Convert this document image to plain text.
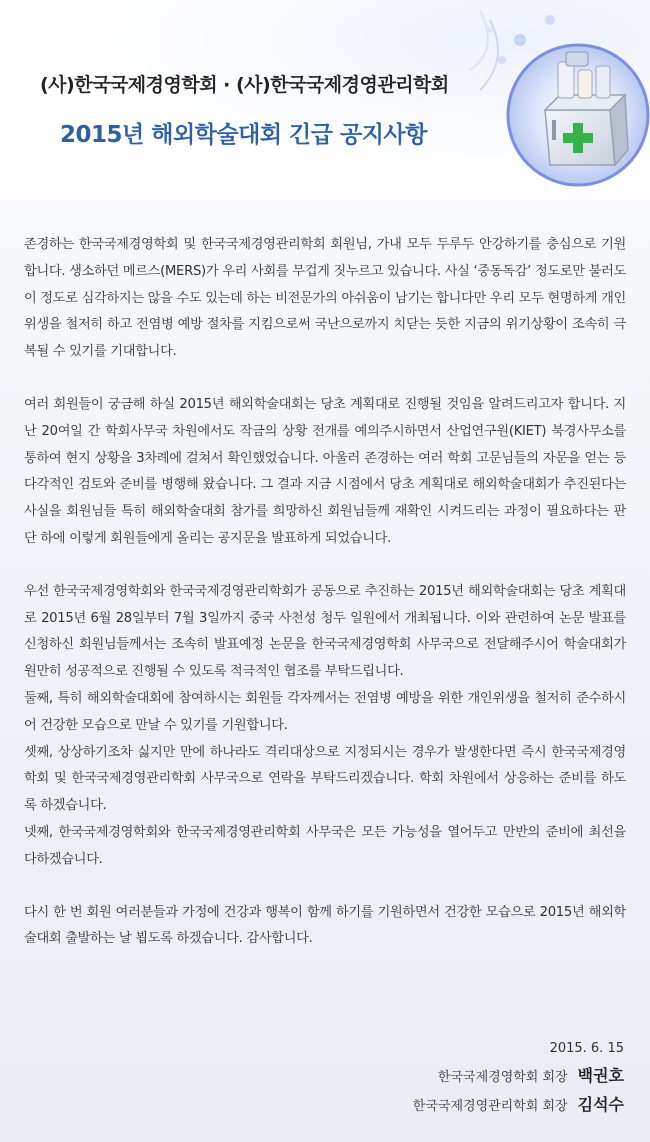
(사)한국국제경영학회 · (사)한국국제경영관리학회
2015년 해외학술대회 긴급 공지사항

존경하는 한국국제경영학회 및 한국국제경영관리학회 회원님, 가내 모두 두루두 안강하기를 충심으로 기원합니다. 생소하던 메르스(MERS)가 우리 사회를 무겁게 짓누르고 있습니다. 사실 ‘중동독감’ 정도로만 불러도 이 정도로 심각하지는 않을 수도 있는데 하는 비전문가의 아쉬움이 남기는 합니다만 우리 모두 현명하게 개인위생을 철저히 하고 전염병 예방 절차를 지킴으로써 국난으로까지 치닫는 듯한 지금의 위기상황이 조속히 극복될 수 있기를 기대합니다.

여러 회원들이 궁금해 하실 2015년 해외학술대회는 당초 계획대로 진행될 것임을 알려드리고자 합니다. 지난 20여일 간 학회사무국 차원에서도 작금의 상황 전개를 예의주시하면서 산업연구원(KIET) 북경사무소를 통하여 현지 상황을 3차례에 걸쳐서 확인했었습니다. 아울러 존경하는 여러 학회 고문님들의 자문을 얻는 등 다각적인 검토와 준비를 병행해 왔습니다. 그 결과 지금 시점에서 당초 계획대로 해외학술대회가 추진된다는 사실을 회원님들 특히 해외학술대회 참가를 희망하신 회원님들께 재확인 시켜드리는 과정이 필요하다는 판단 하에 이렇게 회원들에게 올리는 공지문을 발표하게 되었습니다.

우선 한국국제경영학회와 한국국제경영관리학회가 공동으로 추진하는 2015년 해외학술대회는 당초 계획대로 2015년 6월 28일부터 7월 3일까지 중국 사천성 청두 일원에서 개최됩니다. 이와 관련하여 논문 발표를 신청하신 회원님들께서는 조속히 발표예정 논문을 한국국제경영학회 사무국으로 전달해주시어 학술대회가 원만히 성공적으로 진행될 수 있도록 적극적인 협조를 부탁드립니다.

둘째, 특히 해외학술대회에 참여하시는 회원들 각자께서는 전염병 예방을 위한 개인위생을 철저히 준수하시어 건강한 모습으로 만날 수 있기를 기원합니다.

셋째, 상상하기조차 싫지만 만에 하나라도 격리대상으로 지정되시는 경우가 발생한다면 즉시 한국국제경영학회 및 한국국제경영관리학회 사무국으로 연락을 부탁드리겠습니다. 학회 차원에서 상응하는 준비를 하도록 하겠습니다.

넷째, 한국국제경영학회와 한국국제경영관리학회 사무국은 모든 가능성을 열어두고 만반의 준비에 최선을 다하겠습니다.

다시 한 번 회원 여러분들과 가정에 건강과 행복이 함께 하기를 기원하면서 건강한 모습으로 2015년 해외학술대회 출발하는 날 뵙도록 하겠습니다. 감사합니다.

2015. 6. 15
한국국제경영학회 회장 백권호
한국국제경영관리학회 회장 김석수
